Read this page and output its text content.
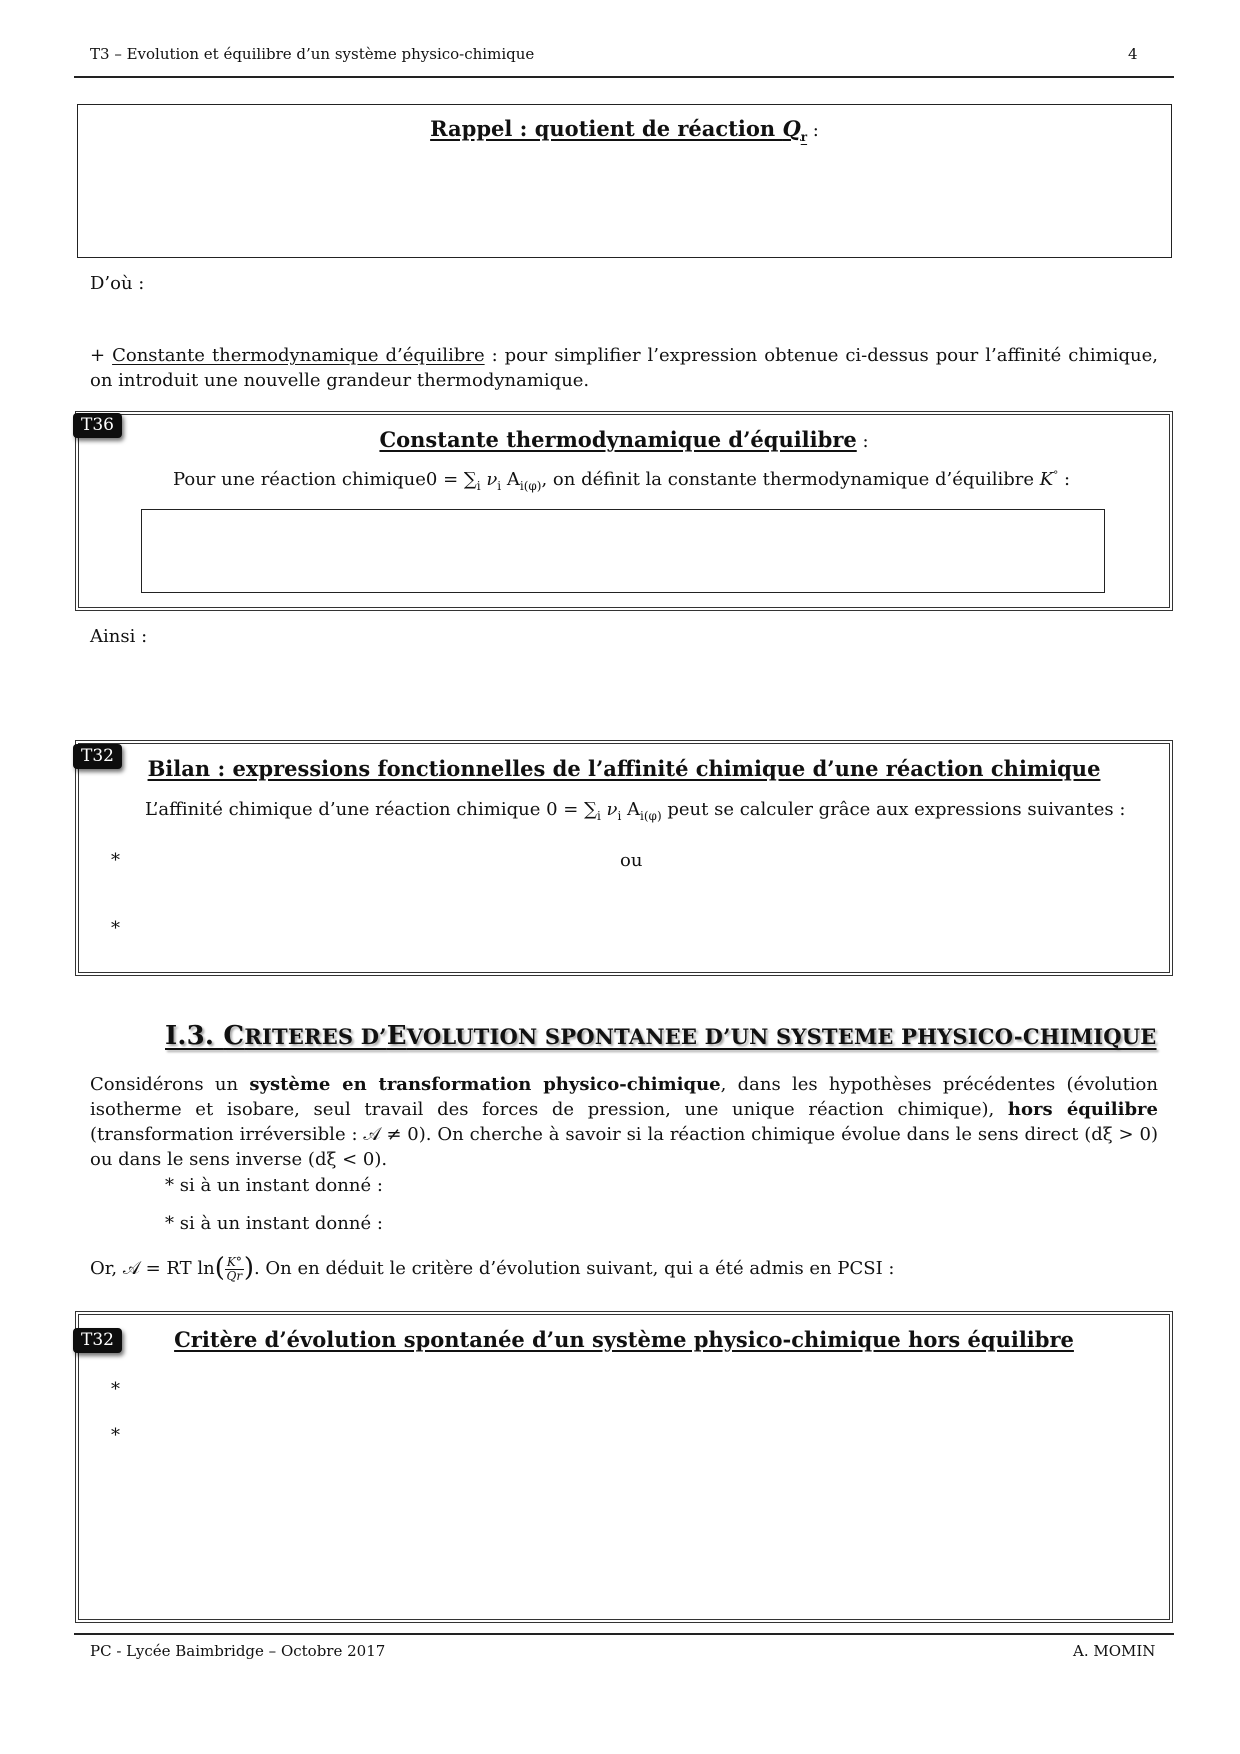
T3 – Evolution et équilibre d’un système physico-chimique	4
Rappel : quotient de réaction $Q_r$ :
D’où :
+ Constante thermodynamique d’équilibre : pour simplifier l’expression obtenue ci-dessus pour l’affinité chimique, on introduit une nouvelle grandeur thermodynamique.
Constante thermodynamique d’équilibre :
Pour une réaction chimique0 = $\sum_i$ $\nu_i$ $A_{i(\varphi)}$, on définit la constante thermodynamique d’équilibre K° :
T36
Ainsi :
Bilan : expressions fonctionnelles de l’affinité chimique d’une réaction chimique
L’affinité chimique d’une réaction chimique $0 = \sum_i$ $\nu_i$ $A_{i(\varphi)}$ peut se calculer grâce aux expressions suivantes :
*	ou
*
T32
I.3. CRITERES D’EVOLUTION SPONTANEE D’UN SYSTEME PHYSICO-CHIMIQUE
Considérons un système en transformation physico-chimique, dans les hypothèses précédentes (évolution isotherme et isobare, seul travail des forces de pression, une unique réaction chimique), hors équilibre (transformation irréversible : 𝒜 ≠ 0). On cherche à savoir si la réaction chimique évolue dans le sens direct (dξ > 0) ou dans le sens inverse (dξ < 0).
* si à un instant donné :
* si à un instant donné :
Or, 𝒜 = RT $\ln( \frac{K^\circ}{Qr}$ ). On en déduit le critère d’évolution suivant, qui a été admis en PCSI :
Critère d’évolution spontanée d’un système physico-chimique hors équilibre
*
*
T32
PC - Lycée Baimbridge – Octobre 2017	A. MOMIN
